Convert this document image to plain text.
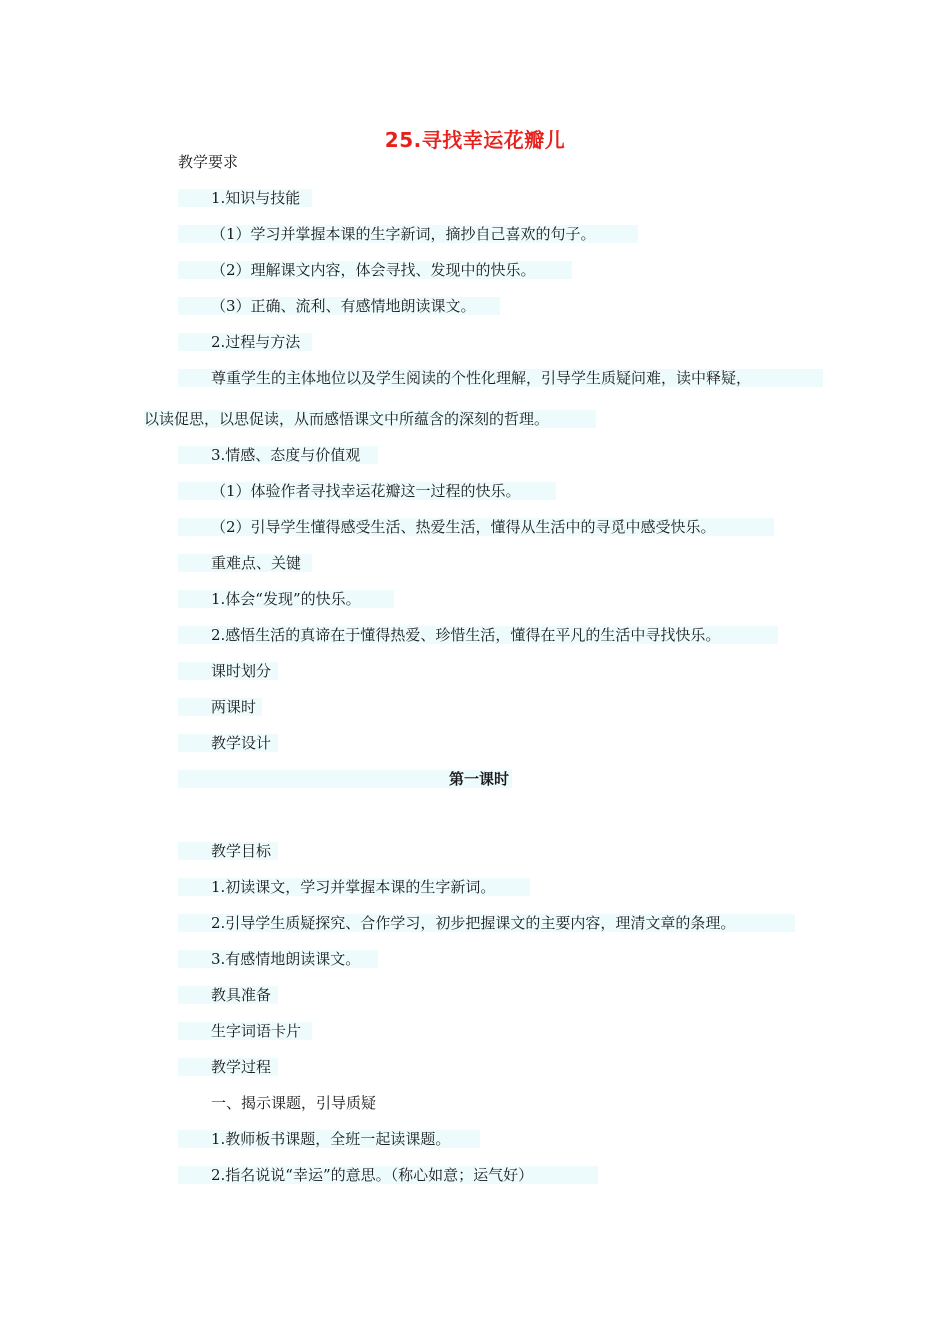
25.寻找幸运花瓣儿

教学要求

1.知识与技能

（1）学习并掌握本课的生字新词，摘抄自己喜欢的句子。

（2）理解课文内容，体会寻找、发现中的快乐。

（3）正确、流利、有感情地朗读课文。

2.过程与方法

尊重学生的主体地位以及学生阅读的个性化理解，引导学生质疑问难，读中释疑，

以读促思，以思促读，从而感悟课文中所蕴含的深刻的哲理。

3.情感、态度与价值观

（1）体验作者寻找幸运花瓣这一过程的快乐。

（2）引导学生懂得感受生活、热爱生活，懂得从生活中的寻觅中感受快乐。

重难点、关键

1.体会“发现”的快乐。

2.感悟生活的真谛在于懂得热爱、珍惜生活，懂得在平凡的生活中寻找快乐。

课时划分

两课时

教学设计

第一课时

教学目标

1.初读课文，学习并掌握本课的生字新词。

2.引导学生质疑探究、合作学习，初步把握课文的主要内容，理清文章的条理。

3.有感情地朗读课文。

教具准备

生字词语卡片

教学过程

一、揭示课题，引导质疑

1.教师板书课题，全班一起读课题。

2.指名说说“幸运”的意思。（称心如意；运气好）
